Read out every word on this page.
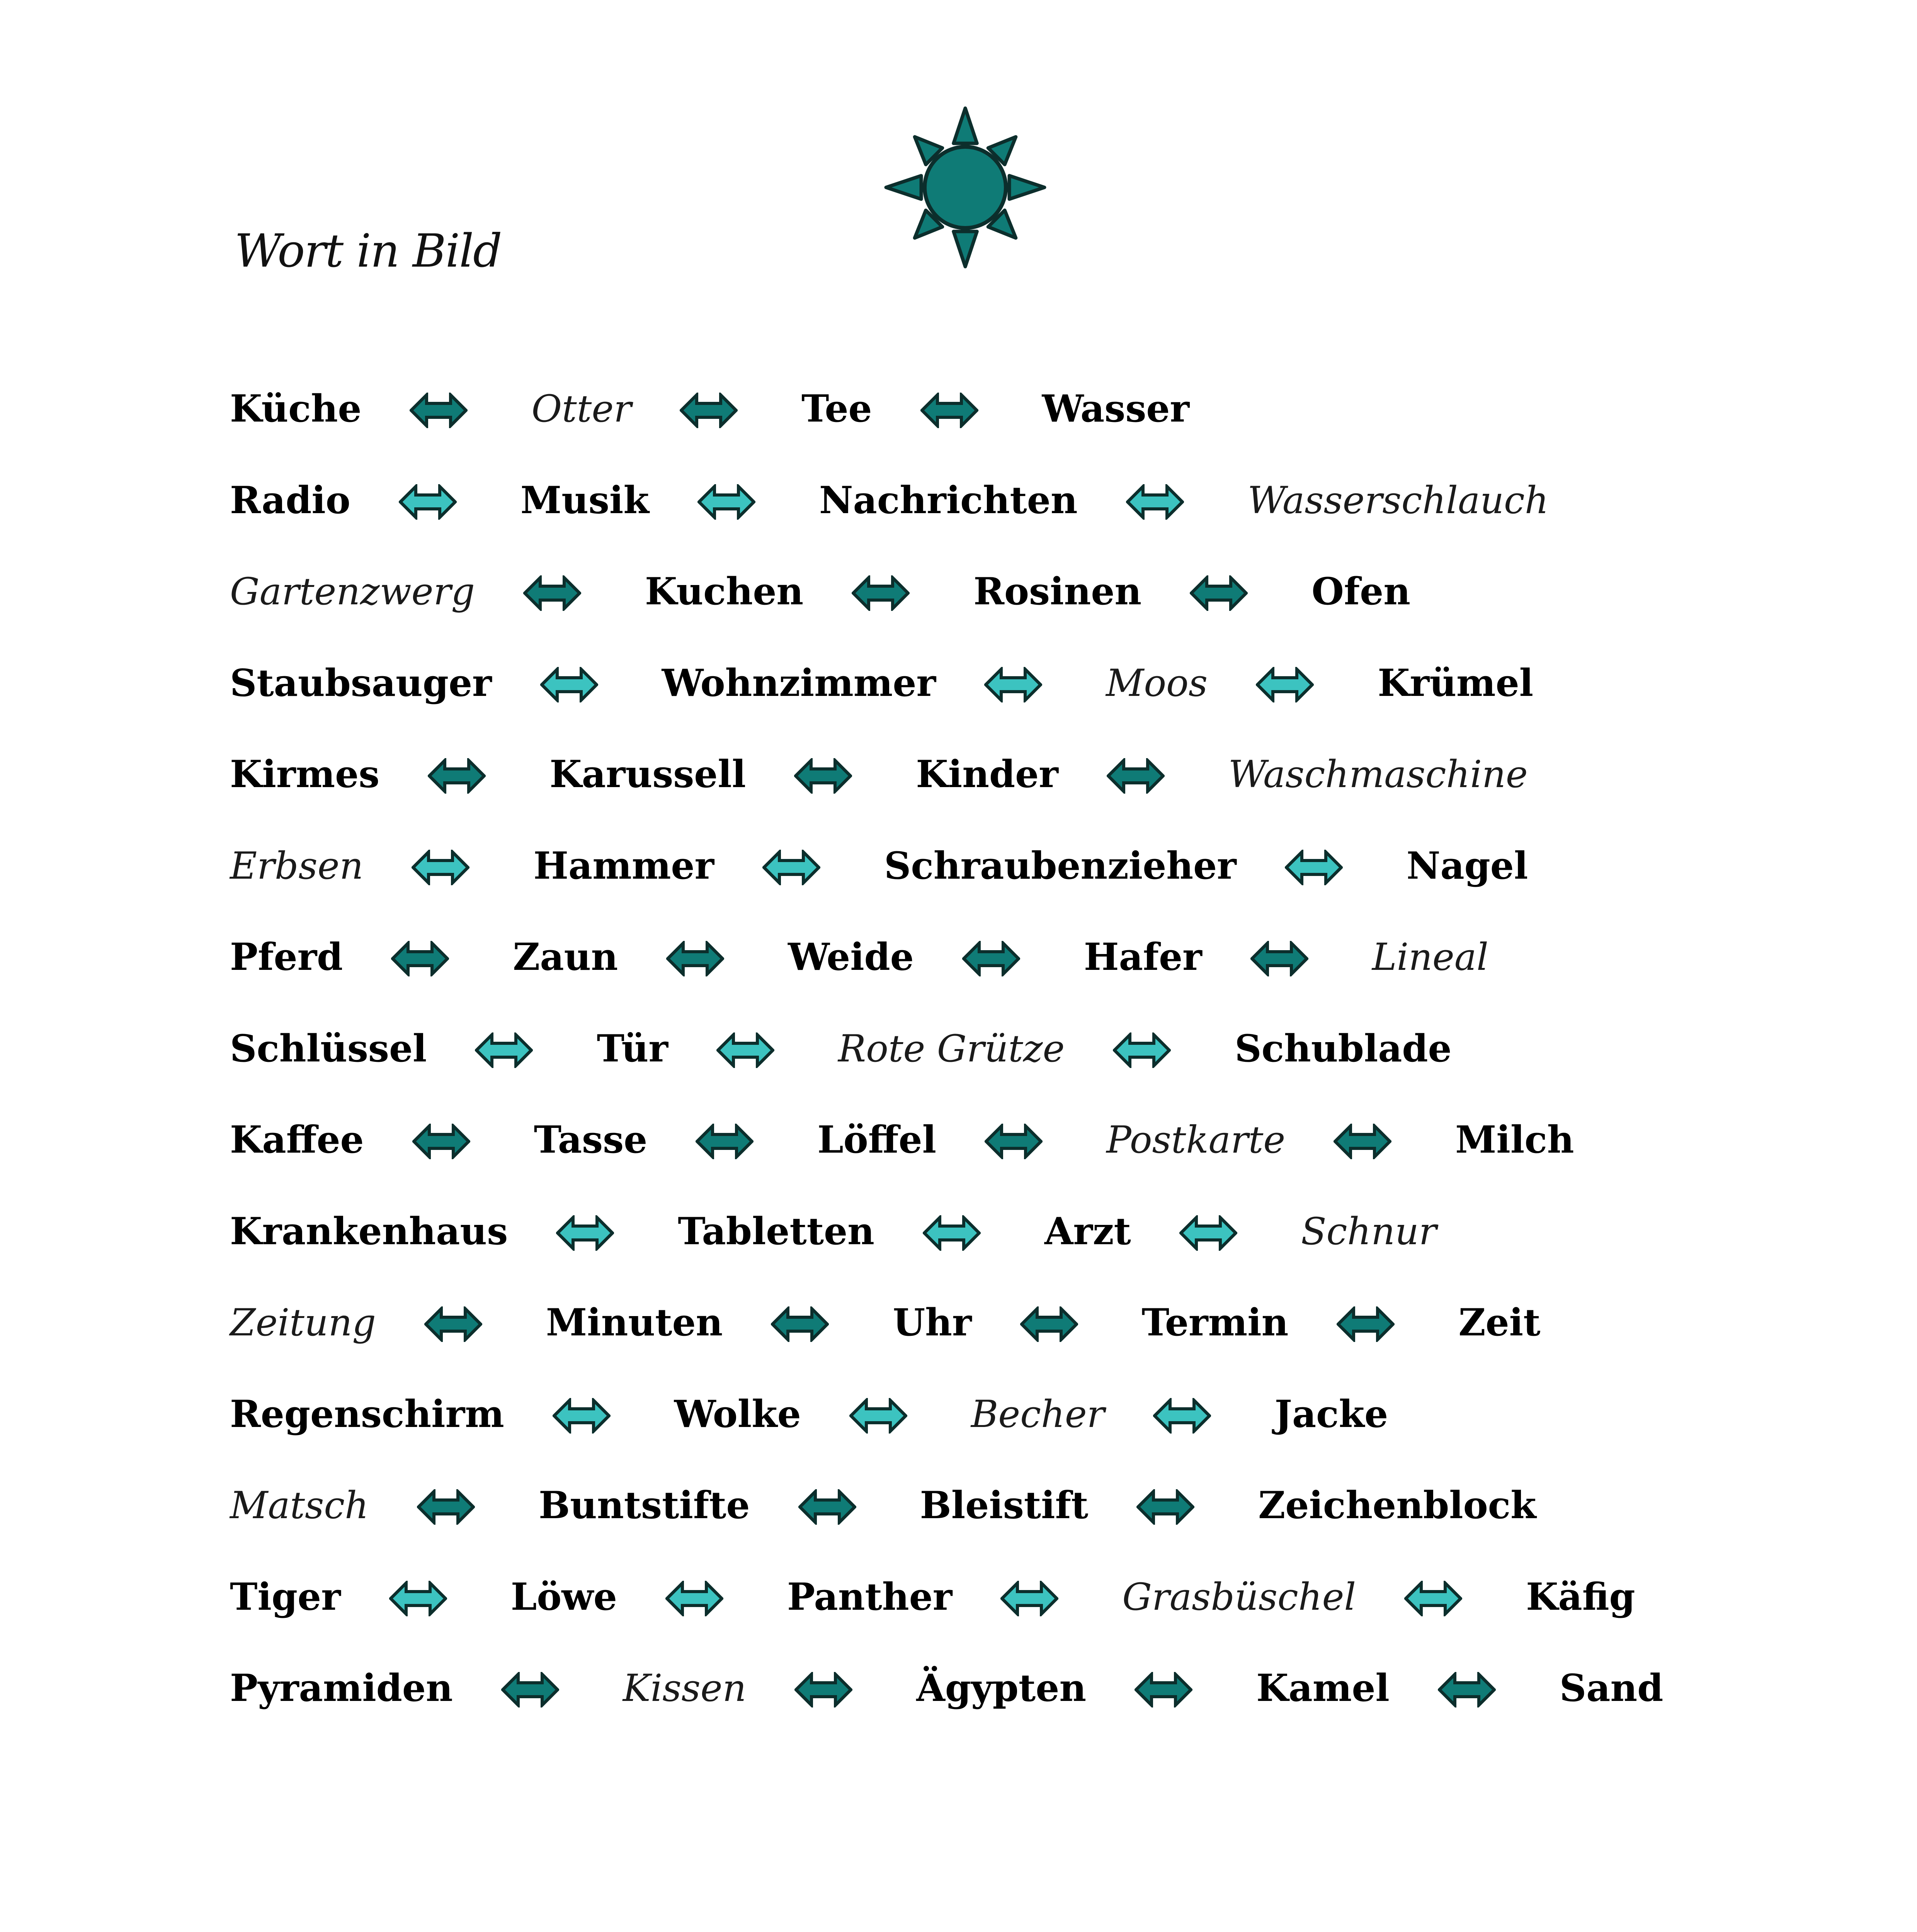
Wort in Bild
Küche	Otter	Tee	Wasser
Radio	Musik	Nachrichten	Wasserschlauch
Gartenzwerg	Kuchen	Rosinen	Ofen
Staubsauger	Wohnzimmer	Moos	Krümel
Kirmes	Karussell	Kinder	Waschmaschine
Erbsen	Hammer	Schraubenzieher	Nagel
Pferd	Zaun	Weide	Hafer	Lineal
Schlüssel	Tür	Rote Grütze	Schublade
Kaffee	Tasse	Löffel	Postkarte	Milch
Krankenhaus	Tabletten	Arzt	Schnur
Zeitung	Minuten	Uhr	Termin	Zeit
Regenschirm	Wolke	Becher	Jacke
Matsch	Buntstifte	Bleistift	Zeichenblock
Tiger	Löwe	Panther	Grasbüschel	Käfig
Pyramiden	Kissen	Ägypten	Kamel	Sand
